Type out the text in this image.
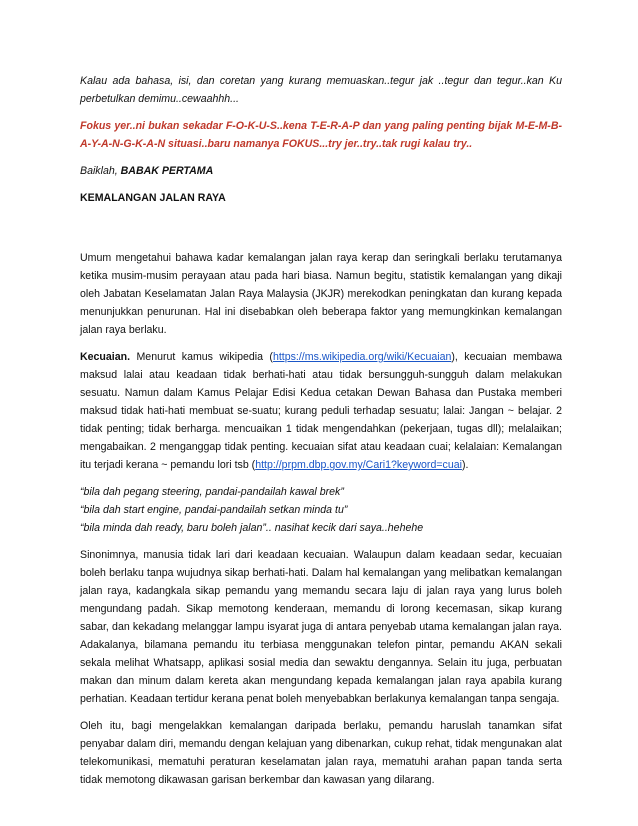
Kalau ada bahasa, isi, dan coretan yang kurang memuaskan..tegur jak ..tegur dan tegur..kan Ku perbetulkan demimu..cewaahhh...

Fokus yer..ni bukan sekadar F-O-K-U-S..kena T-E-R-A-P dan yang paling penting bijak M-E-M-B-A-Y-A-N-G-K-A-N situasi..baru namanya FOKUS...try jer..try..tak rugi kalau try..

Baiklah, BABAK PERTAMA

KEMALANGAN JALAN RAYA

Umum mengetahui bahawa kadar kemalangan jalan raya kerap dan seringkali berlaku terutamanya ketika musim-musim perayaan atau pada hari biasa. Namun begitu, statistik kemalangan yang dikaji oleh Jabatan Keselamatan Jalan Raya Malaysia (JKJR) merekodkan peningkatan dan kurang kepada menunjukkan penurunan. Hal ini disebabkan oleh beberapa faktor yang memungkinkan kemalangan jalan raya berlaku.

Kecuaian. Menurut kamus wikipedia (https://ms.wikipedia.org/wiki/Kecuaian), kecuaian membawa maksud lalai atau keadaan tidak berhati-hati atau tidak bersungguh-sungguh dalam melakukan sesuatu. Namun dalam Kamus Pelajar Edisi Kedua cetakan Dewan Bahasa dan Pustaka memberi maksud tidak hati-hati membuat se-suatu; kurang peduli terhadap sesuatu; lalai: Jangan ~ belajar. 2 tidak penting; tidak berharga. mencuaikan 1 tidak mengendahkan (pekerjaan, tugas dll); melalaikan; mengabaikan. 2 menganggap tidak penting. kecuaian sifat atau keadaan cuai; kelalaian: Kemalangan itu terjadi kerana ~ pemandu lori tsb (http://prpm.dbp.gov.my/Cari1?keyword=cuai).

“bila dah pegang steering, pandai-pandailah kawal brek”

“bila dah start engine, pandai-pandailah setkan minda tu”

“bila minda dah ready, baru boleh jalan”.. nasihat kecik dari saya..hehehe

Sinonimnya, manusia tidak lari dari keadaan kecuaian. Walaupun dalam keadaan sedar, kecuaian boleh berlaku tanpa wujudnya sikap berhati-hati. Dalam hal kemalangan yang melibatkan kemalangan jalan raya, kadangkala sikap pemandu yang memandu secara laju di jalan raya yang lurus boleh mengundang padah. Sikap memotong kenderaan, memandu di lorong kecemasan, sikap kurang sabar, dan kekadang melanggar lampu isyarat juga di antara penyebab utama kemalangan jalan raya. Adakalanya, bilamana pemandu itu terbiasa menggunakan telefon pintar, pemandu AKAN sekali sekala melihat Whatsapp, aplikasi sosial media dan sewaktu dengannya. Selain itu juga, perbuatan makan dan minum dalam kereta akan mengundang kepada kemalangan jalan raya apabila kurang perhatian. Keadaan tertidur kerana penat boleh menyebabkan berlakunya kemalangan tanpa sengaja.

Oleh itu, bagi mengelakkan kemalangan daripada berlaku, pemandu haruslah tanamkan sifat penyabar dalam diri, memandu dengan kelajuan yang dibenarkan, cukup rehat, tidak mengunakan alat telekomunikasi, mematuhi peraturan keselamatan jalan raya, mematuhi arahan papan tanda serta tidak memotong dikawasan garisan berkembar dan kawasan yang dilarang.
